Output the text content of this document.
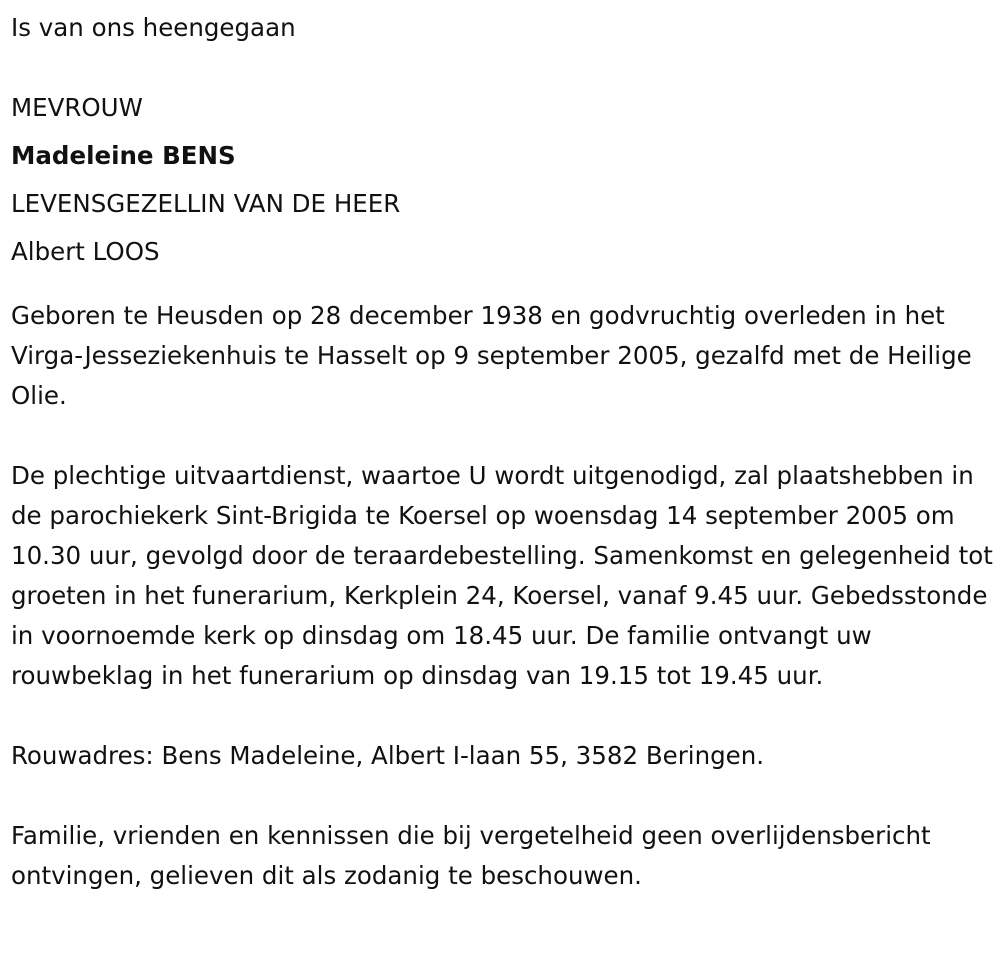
Is van ons heengegaan
MEVROUW
Madeleine BENS
LEVENSGEZELLIN VAN DE HEER
Albert LOOS

Geboren te Heusden op 28 december 1938 en godvruchtig overleden in het Virga-Jesseziekenhuis te Hasselt op 9 september 2005, gezalfd met de Heilige Olie.

De plechtige uitvaartdienst, waartoe U wordt uitgenodigd, zal plaatshebben in de parochiekerk Sint-Brigida te Koersel op woensdag 14 september 2005 om 10.30 uur, gevolgd door de teraardebestelling. Samenkomst en gelegenheid tot groeten in het funerarium, Kerkplein 24, Koersel, vanaf 9.45 uur. Gebedsstonde in voornoemde kerk op dinsdag om 18.45 uur. De familie ontvangt uw rouwbeklag in het funerarium op dinsdag van 19.15 tot 19.45 uur.

Rouwadres: Bens Madeleine, Albert I-laan 55, 3582 Beringen.

Familie, vrienden en kennissen die bij vergetelheid geen overlijdensbericht ontvingen, gelieven dit als zodanig te beschouwen.
